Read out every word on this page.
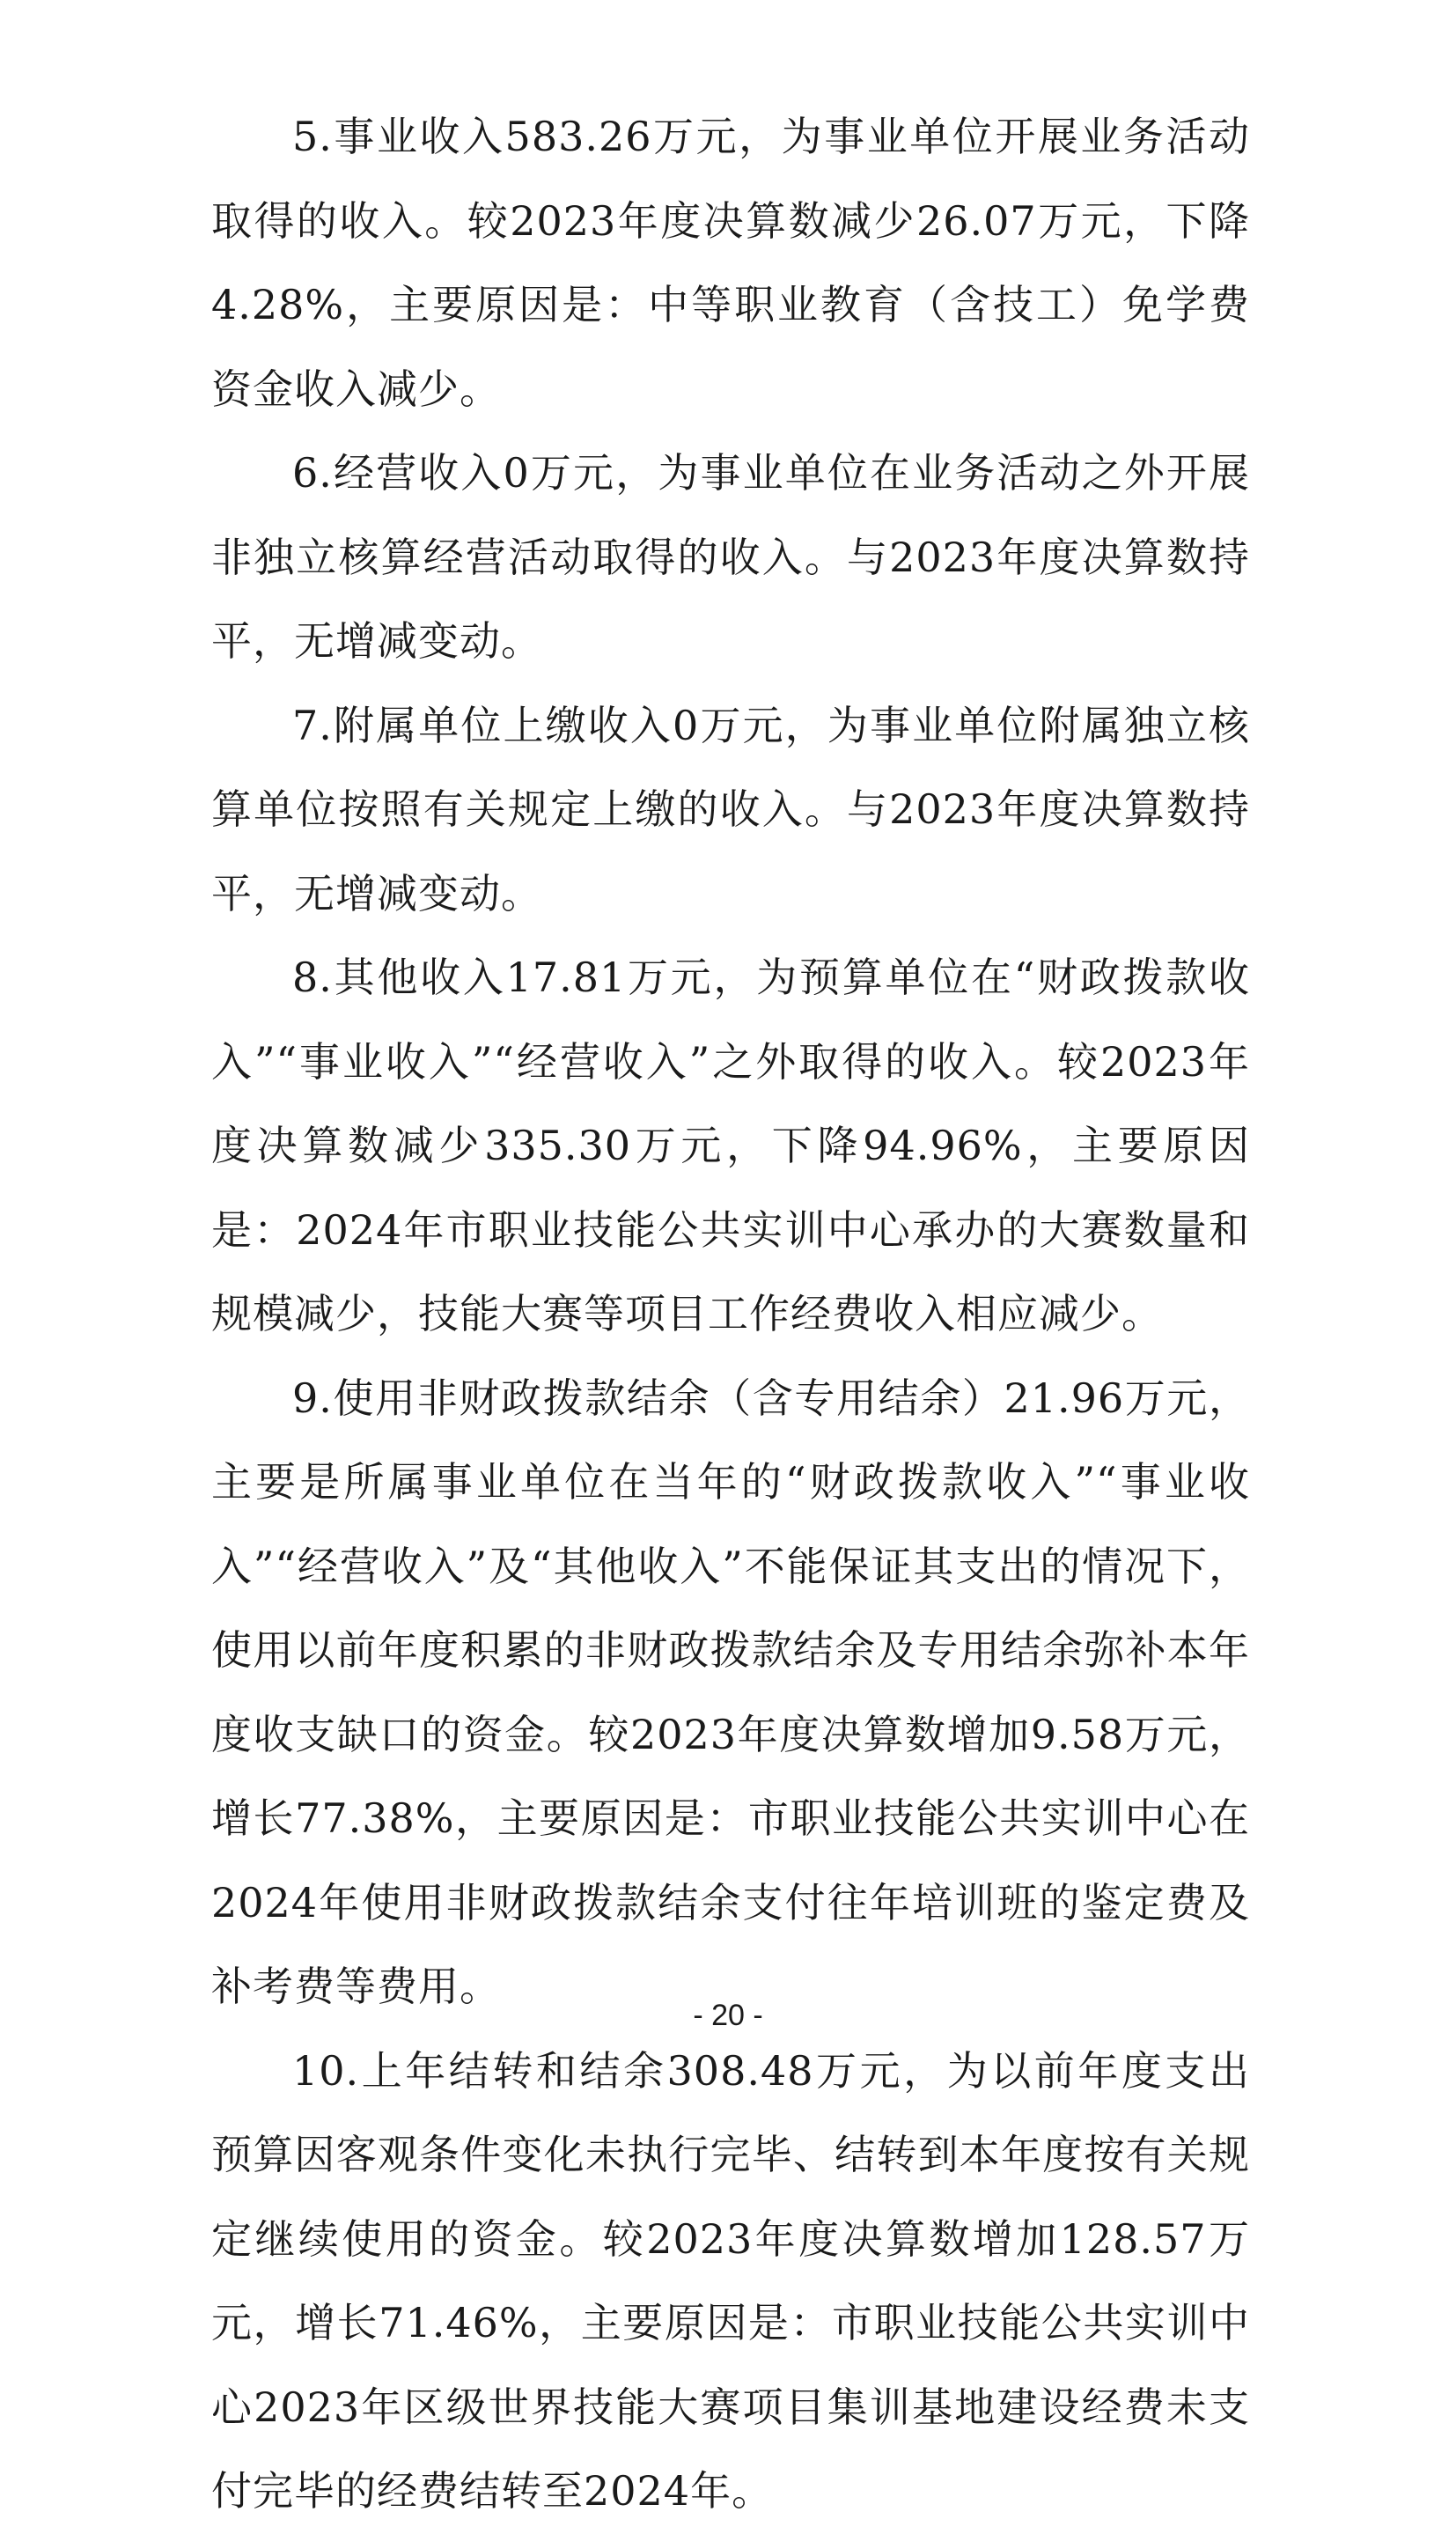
5.事业收入583.26万元，为事业单位开展业务活动取得的收入。较2023年度决算数减少26.07万元，下降4.28%，主要原因是：中等职业教育（含技工）免学费资金收入减少。

6.经营收入0万元，为事业单位在业务活动之外开展非独立核算经营活动取得的收入。与2023年度决算数持平，无增减变动。

7.附属单位上缴收入0万元，为事业单位附属独立核算单位按照有关规定上缴的收入。与2023年度决算数持平，无增减变动。

8.其他收入17.81万元，为预算单位在“财政拨款收入”“事业收入”“经营收入”之外取得的收入。较2023年度决算数减少335.30万元，下降94.96%，主要原因是：2024年市职业技能公共实训中心承办的大赛数量和规模减少，技能大赛等项目工作经费收入相应减少。

9.使用非财政拨款结余（含专用结余）21.96万元，主要是所属事业单位在当年的“财政拨款收入”“事业收入”“经营收入”及“其他收入”不能保证其支出的情况下，使用以前年度积累的非财政拨款结余及专用结余弥补本年度收支缺口的资金。较2023年度决算数增加9.58万元，增长77.38%，主要原因是：市职业技能公共实训中心在2024年使用非财政拨款结余支付往年培训班的鉴定费及补考费等费用。

10.上年结转和结余308.48万元，为以前年度支出预算因客观条件变化未执行完毕、结转到本年度按有关规定继续使用的资金。较2023年度决算数增加128.57万元，增长71.46%，主要原因是：市职业技能公共实训中心2023年区级世界技能大赛项目集训基地建设经费未支付完毕的经费结转至2024年。

- 20 -
